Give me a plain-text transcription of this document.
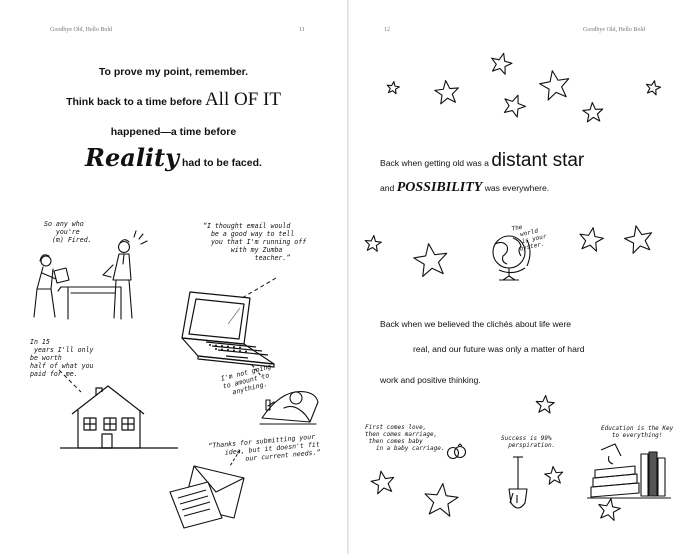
Goodbye Old, Hello Bold	11
To prove my point, remember.
Think back to a time before All OF IT
happened—a time before
Reality had to be faced.
So any who
you're
(m) Fired.
“I thought email would
be a good way to tell
you that I'm running off
with my Zumba
teacher.”
In 15
years I'll only
be worth
half of what you
paid for me.	I'm not going
to amount to
anything.
“Thanks for submitting your
idea, but it doesn't fit
our current needs.”
12	Goodbye Old, Hello Bold
Back when getting old was a distant star
and POSSIBILITY was everywhere.
Back when we believed the clichés about life were
real, and our future was only a matter of hard
work and positive thinking.
The
world
is your
oyster.
First comes love,
then comes marriage,
then comes baby
in a baby carriage.
Success is 99%
perspiration.
Education is the Key
to everything!
